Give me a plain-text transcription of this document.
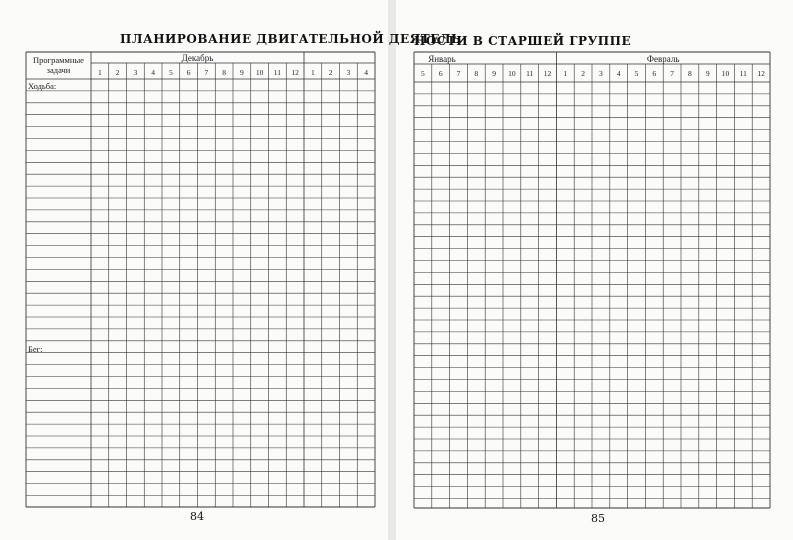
ПЛАНИРОВАНИЕ ДВИГАТЕЛЬНОЙ ДЕЯТЕЛЬ
НОСТИ В СТАРШЕЙ ГРУППЕ
Программные
задачи
Декабрь
1 2 3 4 5 6 7 8 9 10 11 12 1 2 3 4
Ходьба:
Бег:
Январь	Февраль
5 6 7 8 9 10 11 12 1 2 3 4 5 6 7 8 9 10 11 12
84	85
